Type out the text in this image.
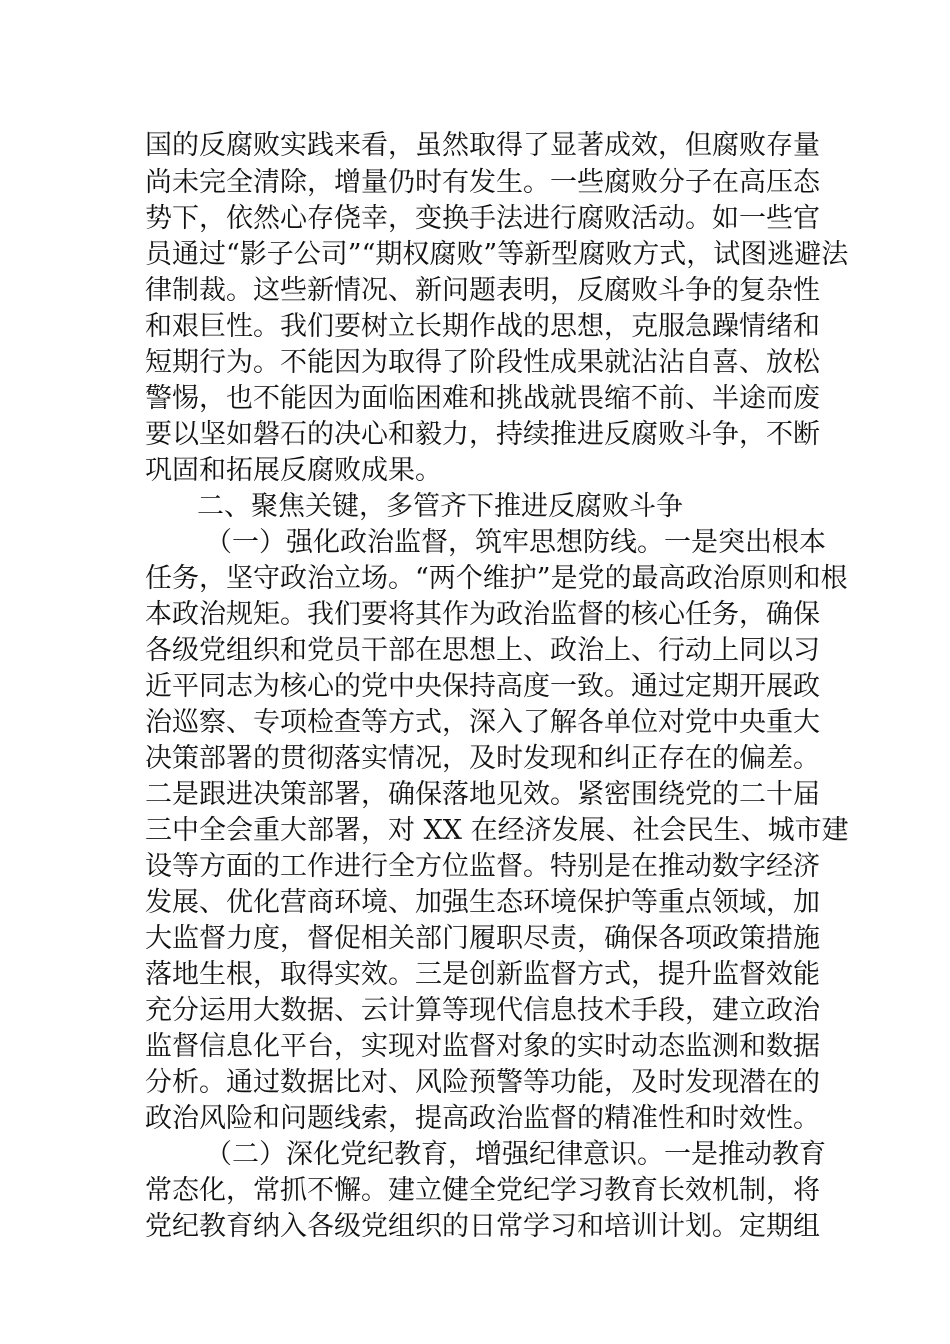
国的反腐败实践来看，虽然取得了显著成效，但腐败存量
尚未完全清除，增量仍时有发生。一些腐败分子在高压态
势下，依然心存侥幸，变换手法进行腐败活动。如一些官
员通过“影子公司”“期权腐败”等新型腐败方式，试图逃避法
律制裁。这些新情况、新问题表明，反腐败斗争的复杂性
和艰巨性。我们要树立长期作战的思想，克服急躁情绪和
短期行为。不能因为取得了阶段性成果就沾沾自喜、放松
警惕，也不能因为面临困难和挑战就畏缩不前、半途而废
要以坚如磐石的决心和毅力，持续推进反腐败斗争，不断
巩固和拓展反腐败成果。
二、聚焦关键，多管齐下推进反腐败斗争
（一）强化政治监督，筑牢思想防线。一是突出根本
任务，坚守政治立场。“两个维护”是党的最高政治原则和根
本政治规矩。我们要将其作为政治监督的核心任务，确保
各级党组织和党员干部在思想上、政治上、行动上同以习
近平同志为核心的党中央保持高度一致。通过定期开展政
治巡察、专项检查等方式，深入了解各单位对党中央重大
决策部署的贯彻落实情况，及时发现和纠正存在的偏差。
二是跟进决策部署，确保落地见效。紧密围绕党的二十届
三中全会重大部署，对 XX 在经济发展、社会民生、城市建
设等方面的工作进行全方位监督。特别是在推动数字经济
发展、优化营商环境、加强生态环境保护等重点领域，加
大监督力度，督促相关部门履职尽责，确保各项政策措施
落地生根，取得实效。三是创新监督方式，提升监督效能
充分运用大数据、云计算等现代信息技术手段，建立政治
监督信息化平台，实现对监督对象的实时动态监测和数据
分析。通过数据比对、风险预警等功能，及时发现潜在的
政治风险和问题线索，提高政治监督的精准性和时效性。
（二）深化党纪教育，增强纪律意识。一是推动教育
常态化，常抓不懈。建立健全党纪学习教育长效机制，将
党纪教育纳入各级党组织的日常学习和培训计划。定期组
